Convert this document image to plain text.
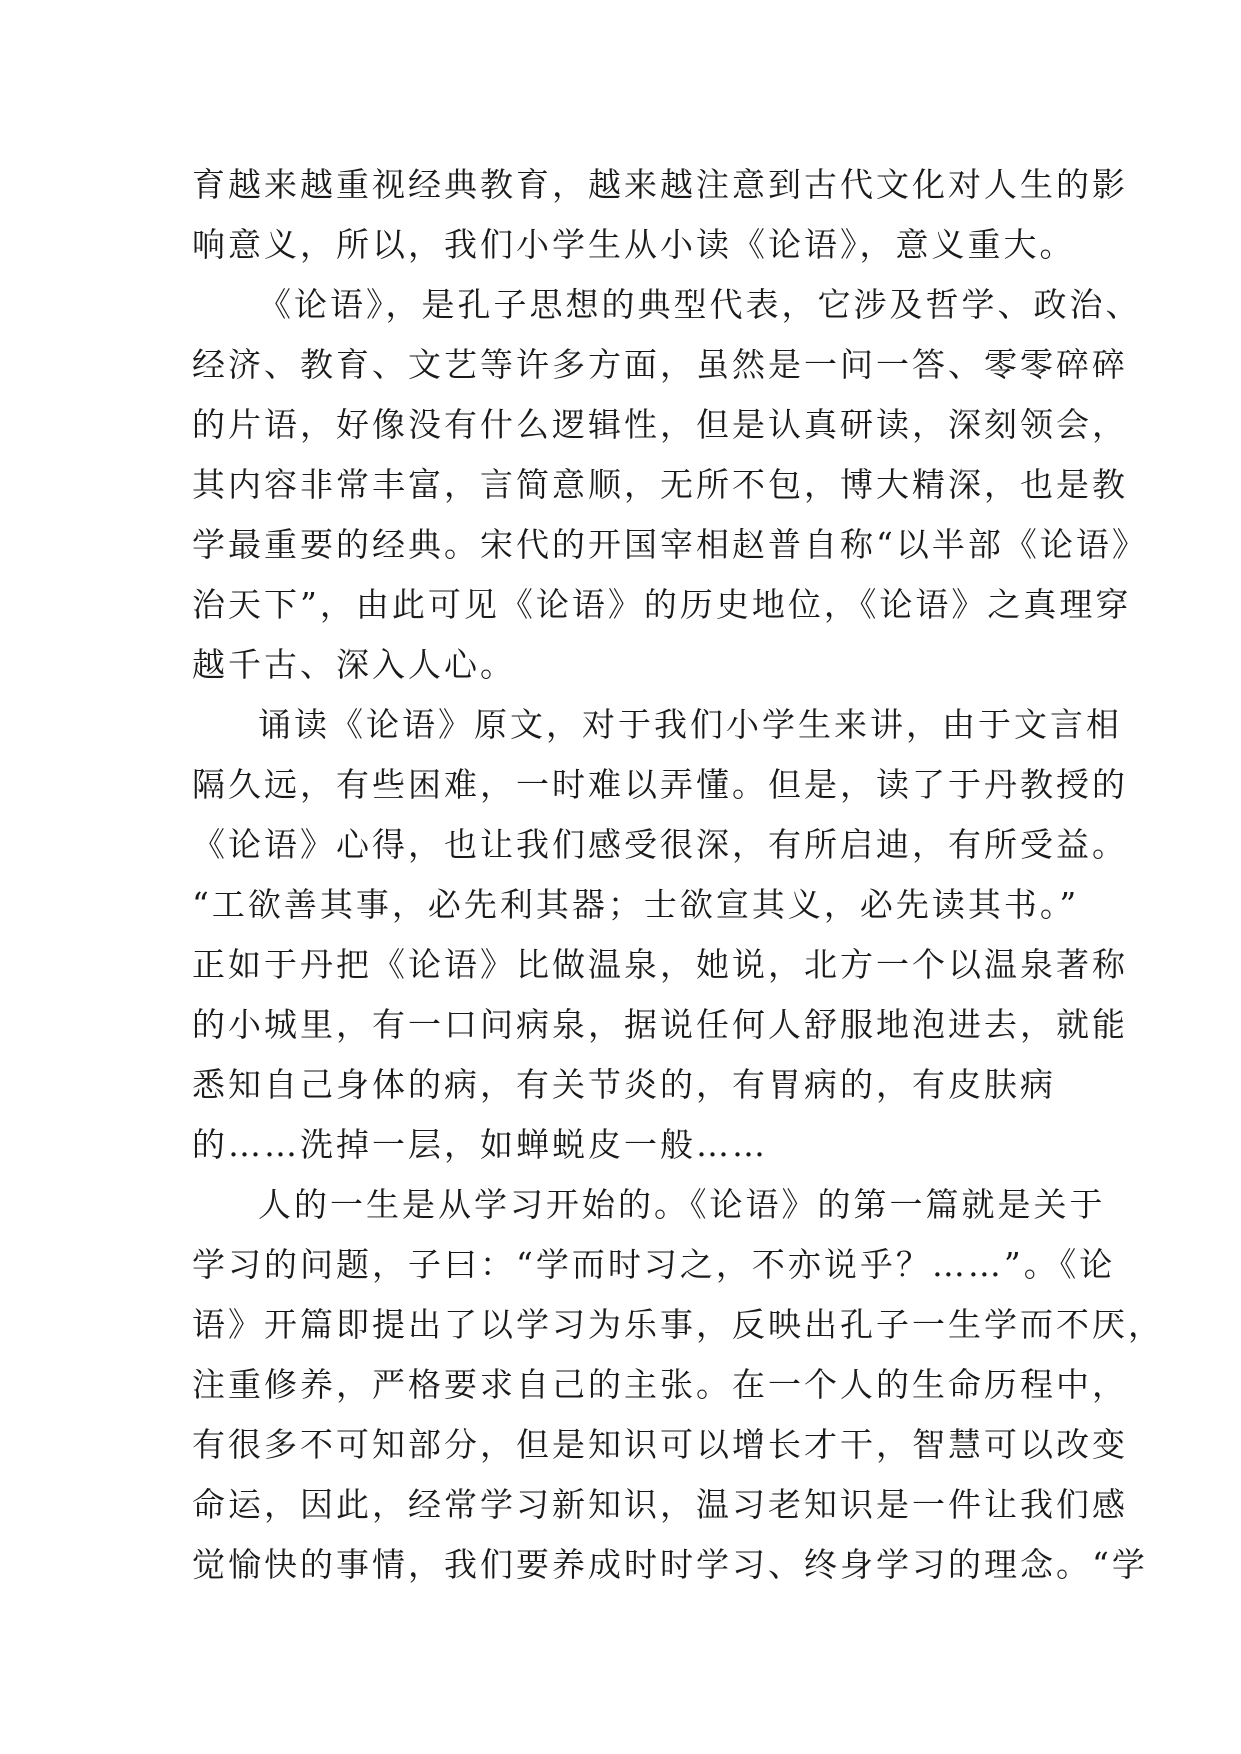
育越来越重视经典教育，越来越注意到古代文化对人生的影
响意义，所以，我们小学生从小读《论语》，意义重大。
《论语》，是孔子思想的典型代表，它涉及哲学、政治、
经济、教育、文艺等许多方面，虽然是一问一答、零零碎碎
的片语，好像没有什么逻辑性，但是认真研读，深刻领会，
其内容非常丰富，言简意顺，无所不包，博大精深，也是教
学最重要的经典。宋代的开国宰相赵普自称“以半部《论语》
治天下”，由此可见《论语》的历史地位，《论语》之真理穿
越千古、深入人心。
诵读《论语》原文，对于我们小学生来讲，由于文言相
隔久远，有些困难，一时难以弄懂。但是，读了于丹教授的
《论语》心得，也让我们感受很深，有所启迪，有所受益。
“工欲善其事，必先利其器；士欲宣其义，必先读其书。”
正如于丹把《论语》比做温泉，她说，北方一个以温泉著称
的小城里，有一口问病泉，据说任何人舒服地泡进去，就能
悉知自己身体的病，有关节炎的，有胃病的，有皮肤病
的……洗掉一层，如蝉蜕皮一般……
人的一生是从学习开始的。《论语》的第一篇就是关于
学习的问题，子曰：“学而时习之，不亦说乎？……”。《论
语》开篇即提出了以学习为乐事，反映出孔子一生学而不厌，
注重修养，严格要求自己的主张。在一个人的生命历程中，
有很多不可知部分，但是知识可以增长才干，智慧可以改变
命运，因此，经常学习新知识，温习老知识是一件让我们感
觉愉快的事情，我们要养成时时学习、终身学习的理念。“学
